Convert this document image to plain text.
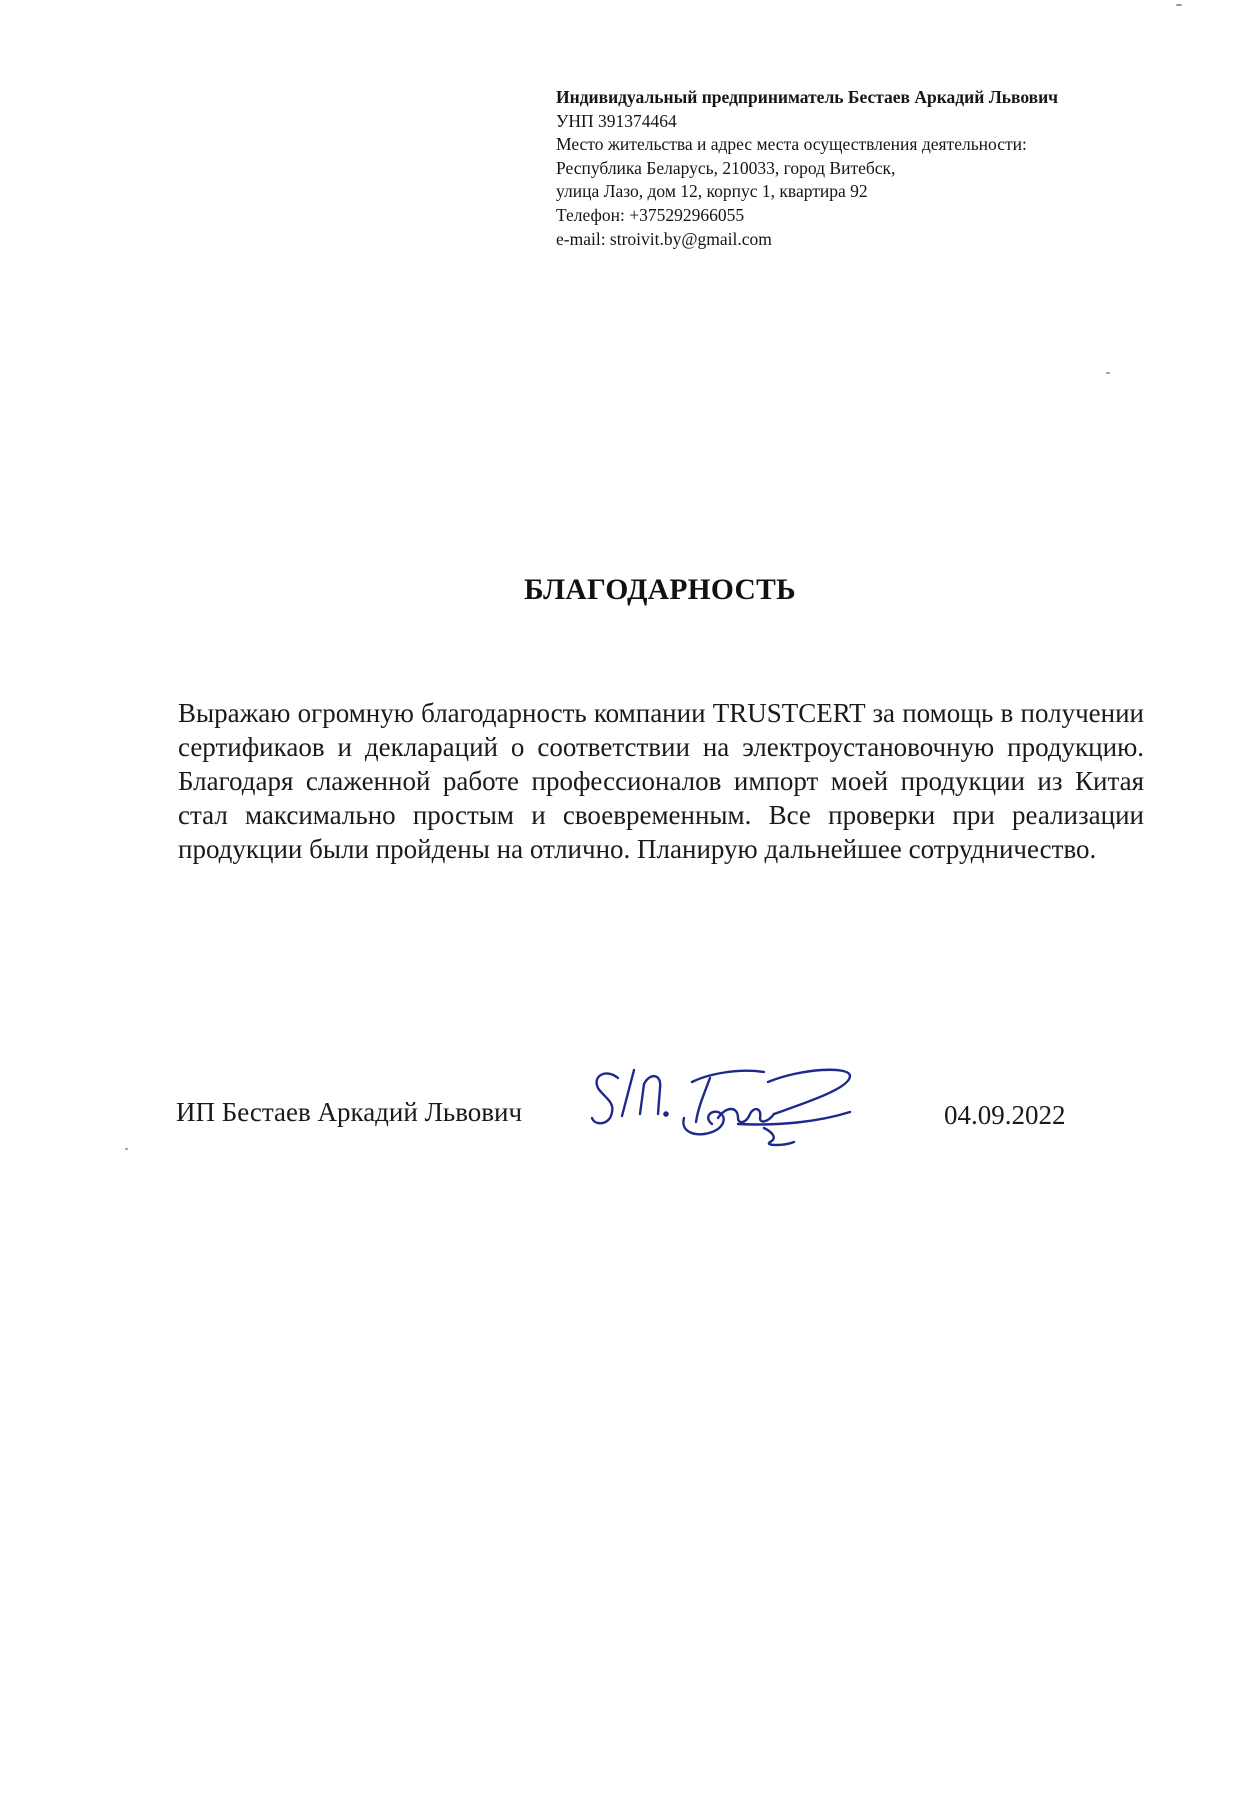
Индивидуальный предприниматель Бестаев Аркадий Львович
УНП 391374464
Место жительства и адрес места осуществления деятельности:
Республика Беларусь, 210033, город Витебск,
улица Лазо, дом 12, корпус 1, квартира 92
Телефон: +375292966055
e-mail: stroivit.by@gmail.com
БЛАГОДАРНОСТЬ
Выражаю огромную благодарность компании TRUSTCERT за помощь в получении сертификаов и деклараций о соответствии на электроустановочную продукцию. Благодаря слаженной работе профессионалов импорт моей продукции из Китая стал максимально простым и своевременным. Все проверки при реализации продукции были пройдены на отлично. Планирую дальнейшее сотрудничество.
ИП Бестаев Аркадий Львович	04.09.2022
